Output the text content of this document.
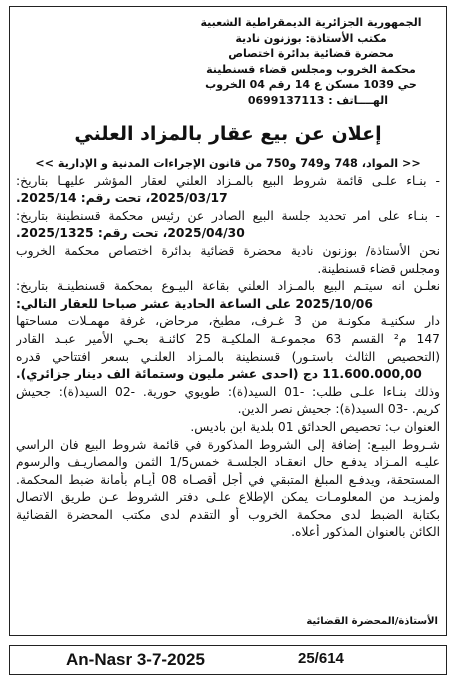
الجمهورية الجزائرية الديمقراطية الشعبية
مكتب الأستاذة: بوزنون نادية
محضرة قضائية بدائرة اختصاص
محكمة الخروب ومجلس قضاء قسنطينة
حي 1039 مسكن ع 14 رقم 04 الخروب
الهــــاتف : 0699137113
إعلان عن بيع عقار بالمزاد العلني
<< المواد، 748 و749 و750 من قانون الإجراءات المدنية و الإدارية >>
- بنـاء علـى قائمة شروط البيع بالمـزاد العلني لعقار المؤشر عليهـا بتاريخ:
2025/03/17، تحت رقم: 2025/14.
- بنـاء على امر تحديد جلسة البيع الصادر عن رئيس محكمة قسنطينة بتاريخ:
2025/04/30، تحت رقم: 2025/1325.
نحن الأستاذة/ بوزنون نادية محضرة قضائية بدائرة اختصاص محكمة الخروب
ومجلس قضاء قسنطينة.
نعلـن انه سيتـم البيع بالمـزاد العلني بقاعة البيـوع بمحكمة قسنطينـة بتاريخ:
2025/10/06 على الساعة الحادية عشر صباحا للعقار التالي:
دار سكنيـة مكونـة من 3 غـرف، مطبخ، مرحاض، غرفة مهمـلات مساحتها
147 م² القسم 63 مجموعـة الملكيـة 25 كائنـة بحـي الأمير عبـد القادر
(التحصيص الثالث باستـور) قسنطينة بالمـزاد العلنـي بسعر افتتاحي قدره
11.600.000,00 دج (احدى عشر مليون وستمائة الف دينار جزائري).
وذلك بنـاءا علـى طلب: -01 السيد(ة): طويوي حورية. -02 السيد(ة): جحيش
كريم. -03 السيد(ة): جحيش نصر الدين.
العنوان ب: تحصيص الحدائق 01 بلدية ابن باديس.
شـروط البيـع: إضافة إلى الشروط المذكورة في قائمة شروط البيع فان الراسي
عليـه المـزاد يدفـع حال انعقـاد الجلسـة خمس1/5 الثمن والمصاريـف والرسوم
المستحقة، ويدفـع المبلغ المتبقي في أجل أقصـاه 08 أيـام بأمانة ضبط المحكمة.
ولمزيـد من المعلومـات يمكن الإطلاع علـى دفتر الشروط عـن طريق الاتصال
بكتابة الضبط لدى محكمة الخروب أو التقدم لدى مكتب المحضرة القضائية
الكائن بالعنوان المذكور أعلاه.
الأستاذة/المحضرة القضائية
An-Nasr 3-7-2025	25/614
